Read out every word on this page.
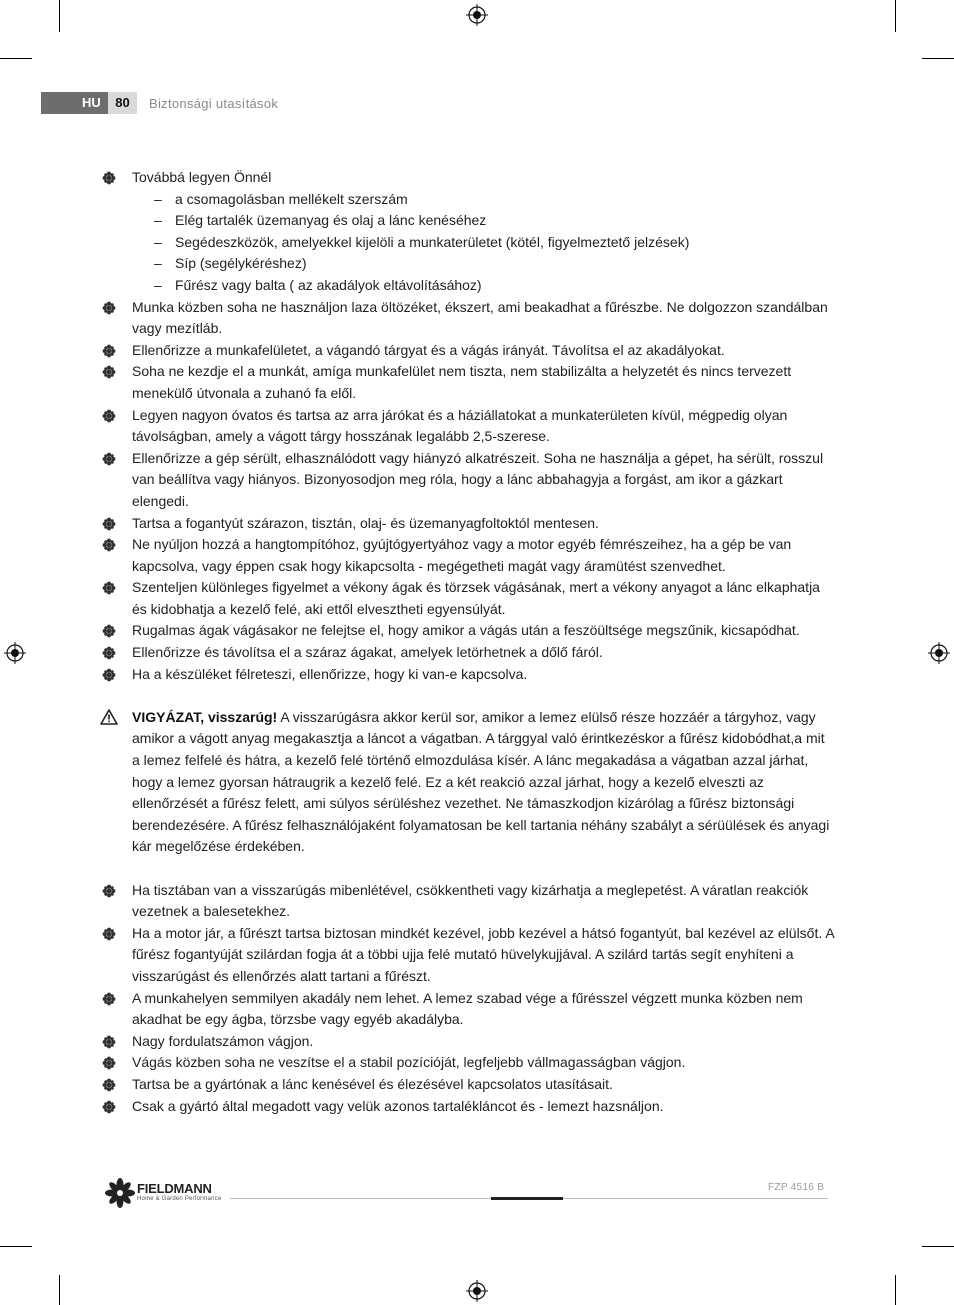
HU	80	Biztonsági utasítások
Továbbá legyen Önnél
– a csomagolásban mellékelt szerszám
– Elég tartalék üzemanyag és olaj a lánc kenéséhez
– Segédeszközök, amelyekkel kijelöli a munkaterületet (kötél, figyelmeztető jelzések)
– Síp (segélykéréshez)
– Fűrész vagy balta ( az akadályok eltávolításához)
Munka közben soha ne használjon laza öltözéket, ékszert, ami beakadhat a fűrészbe. Ne dolgozzon szandálban vagy mezítláb.
Ellenőrizze a munkafelületet, a vágandó tárgyat és a vágás irányát. Távolítsa el az akadályokat.
Soha ne kezdje el a munkát, amíga munkafelület nem tiszta, nem stabilizálta a helyzetét és nincs tervezett menekülő útvonala a zuhanó fa elől.
Legyen nagyon óvatos és tartsa az arra járókat és a háziállatokat a munkaterületen kívül, mégpedig olyan távolságban, amely a vágott tárgy hosszának legalább 2,5-szerese.
Ellenőrizze a gép sérült, elhasználódott vagy hiányzó alkatrészeit. Soha ne használja a gépet, ha sérült, rosszul van beállítva vagy hiányos. Bizonyosodjon meg róla, hogy a lánc abbahagyja a forgást, am ikor a gázkart elengedi.
Tartsa a fogantyút szárazon, tisztán, olaj- és üzemanyagfoltoktól mentesen.
Ne nyúljon hozzá a hangtompítóhoz, gyújtógyertyához vagy a motor egyéb fémrészeihez, ha a gép be van kapcsolva, vagy éppen csak hogy kikapcsolta - megégetheti magát vagy áramütést szenvedhet.
Szenteljen különleges figyelmet a vékony ágak és törzsek vágásának, mert a vékony anyagot a lánc elkaphatja és kidobhatja a kezelő felé, aki ettől elvesztheti egyensúlyát.
Rugalmas ágak vágásakor ne felejtse el, hogy amikor a vágás után a feszöültsége megszűnik, kicsapódhat.
Ellenőrizze és távolítsa el a száraz ágakat, amelyek letörhetnek a dőlő fáról.
Ha a készüléket félreteszi, ellenőrizze, hogy ki van-e kapcsolva.
VIGYÁZAT, visszarúg! A visszarúgásra akkor kerül sor, amikor a lemez elülső része hozzáér a tárgyhoz, vagy amikor a vágott anyag megakasztja a láncot a vágatban. A tárggyal való érintkezéskor a fűrész kidobódhat,a mit a lemez felfelé és hátra, a kezelő felé történő elmozdulása kísér. A lánc megakadása a vágatban azzal járhat, hogy a lemez gyorsan hátraugrik a kezelő felé. Ez a két reakció azzal járhat, hogy a kezelő elveszti az ellenőrzését a fűrész felett, ami súlyos sérüléshez vezethet. Ne támaszkodjon kizárólag a fűrész biztonsági berendezésére. A fűrész felhasználójaként folyamatosan be kell tartania néhány szabályt a sérüülések és anyagi kár megelőzése érdekében.
Ha tisztában van a visszarúgás mibenlétével, csökkentheti vagy kizárhatja a meglepetést. A váratlan reakciók vezetnek a balesetekhez.
Ha a motor jár, a fűrészt tartsa biztosan mindkét kezével, jobb kezével a hátsó fogantyút, bal kezével az elülsőt. A fűrész fogantyúját szilárdan fogja át a többi ujja felé mutató hüvelykujjával. A szilárd tartás segít enyhíteni a visszarúgást és ellenőrzés alatt tartani a fűrészt.
A munkahelyen semmilyen akadály nem lehet. A lemez szabad vége a fűrésszel végzett munka közben nem akadhat be egy ágba, törzsbe vagy egyéb akadályba.
Nagy fordulatszámon vágjon.
Vágás közben soha ne veszítse el a stabil pozícióját, legfeljebb vállmagasságban vágjon.
Tartsa be a gyártónak a lánc kenésével és élezésével kapcsolatos utasításait.
Csak a gyártó által megadott vagy velük azonos tartalékláncot és - lemezt hazsnáljon.
FIELDMANN
Home & Garden Performance
FZP 4516 B
